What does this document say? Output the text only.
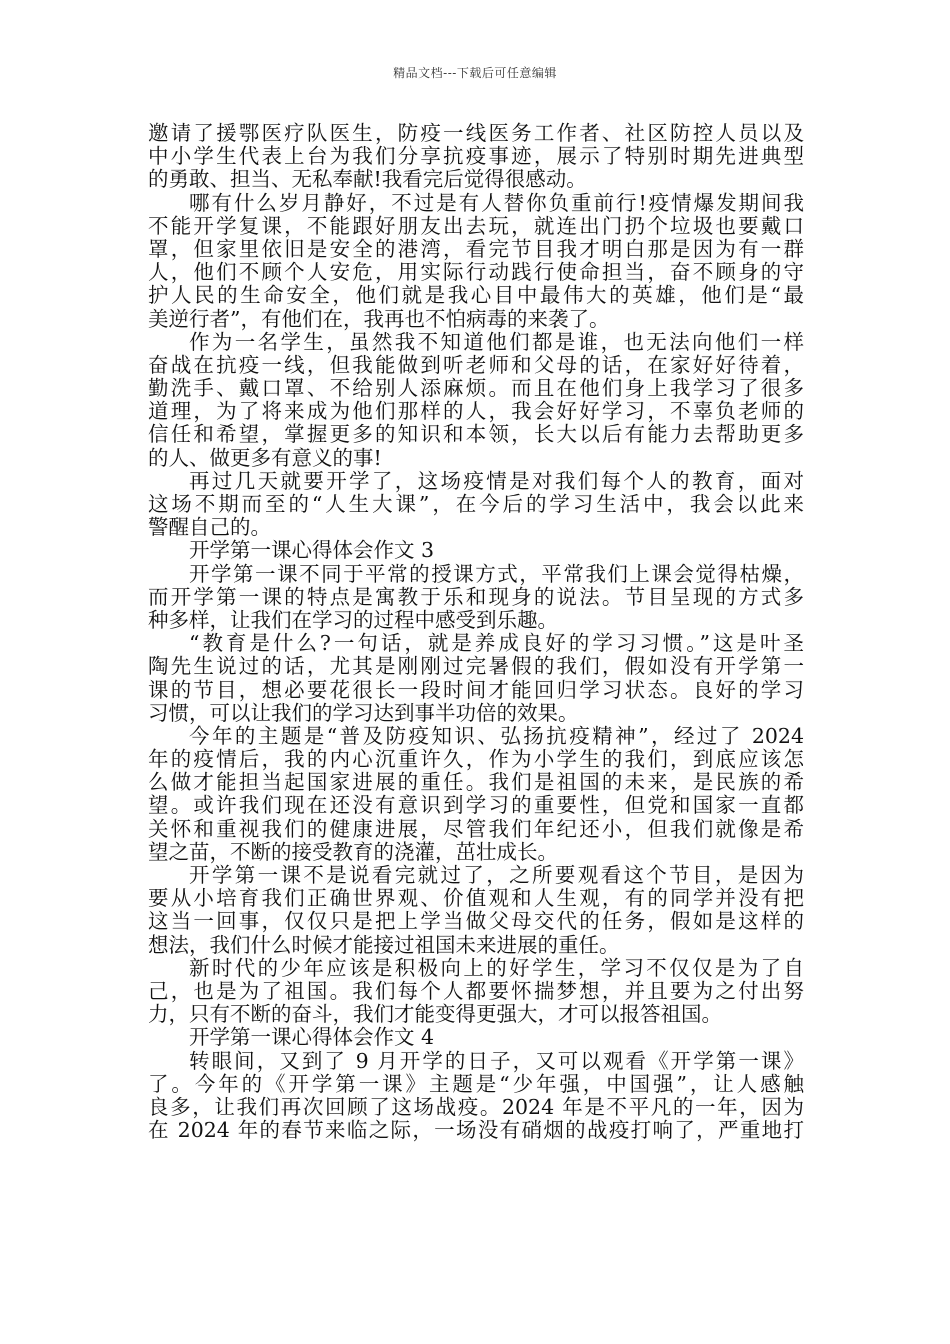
精品文档---下载后可任意编辑
邀请了援鄂医疗队医生，防疫一线医务工作者、社区防控人员以及
中小学生代表上台为我们分享抗疫事迹，展示了特别时期先进典型
的勇敢、担当、无私奉献!我看完后觉得很感动。
哪有什么岁月静好，不过是有人替你负重前行!疫情爆发期间我
不能开学复课，不能跟好朋友出去玩，就连出门扔个垃圾也要戴口
罩，但家里依旧是安全的港湾，看完节目我才明白那是因为有一群
人，他们不顾个人安危，用实际行动践行使命担当，奋不顾身的守
护人民的生命安全，他们就是我心目中最伟大的英雄，他们是“最
美逆行者”，有他们在，我再也不怕病毒的来袭了。
作为一名学生，虽然我不知道他们都是谁，也无法向他们一样
奋战在抗疫一线，但我能做到听老师和父母的话，在家好好待着，
勤洗手、戴口罩、不给别人添麻烦。而且在他们身上我学习了很多
道理，为了将来成为他们那样的人，我会好好学习，不辜负老师的
信任和希望，掌握更多的知识和本领，长大以后有能力去帮助更多
的人、做更多有意义的事!
再过几天就要开学了，这场疫情是对我们每个人的教育，面对
这场不期而至的“人生大课”，在今后的学习生活中，我会以此来
警醒自己的。
开学第一课心得体会作文 3
开学第一课不同于平常的授课方式，平常我们上课会觉得枯燥，
而开学第一课的特点是寓教于乐和现身的说法。节目呈现的方式多
种多样，让我们在学习的过程中感受到乐趣。
“教育是什么?一句话，就是养成良好的学习习惯。”这是叶圣
陶先生说过的话，尤其是刚刚过完暑假的我们，假如没有开学第一
课的节目，想必要花很长一段时间才能回归学习状态。良好的学习
习惯，可以让我们的学习达到事半功倍的效果。
今年的主题是“普及防疫知识、弘扬抗疫精神”，经过了 2024
年的疫情后，我的内心沉重许久，作为小学生的我们，到底应该怎
么做才能担当起国家进展的重任。我们是祖国的未来，是民族的希
望。或许我们现在还没有意识到学习的重要性，但党和国家一直都
关怀和重视我们的健康进展，尽管我们年纪还小，但我们就像是希
望之苗，不断的接受教育的浇灌，茁壮成长。
开学第一课不是说看完就过了，之所要观看这个节目，是因为
要从小培育我们正确世界观、价值观和人生观，有的同学并没有把
这当一回事，仅仅只是把上学当做父母交代的任务，假如是这样的
想法，我们什么时候才能接过祖国未来进展的重任。
新时代的少年应该是积极向上的好学生，学习不仅仅是为了自
己，也是为了祖国。我们每个人都要怀揣梦想，并且要为之付出努
力，只有不断的奋斗，我们才能变得更强大，才可以报答祖国。
开学第一课心得体会作文 4
转眼间，又到了 9 月开学的日子，又可以观看《开学第一课》
了。今年的《开学第一课》主题是“少年强，中国强”，让人感触
良多，让我们再次回顾了这场战疫。2024 年是不平凡的一年，因为
在 2024 年的春节来临之际，一场没有硝烟的战疫打响了，严重地打
